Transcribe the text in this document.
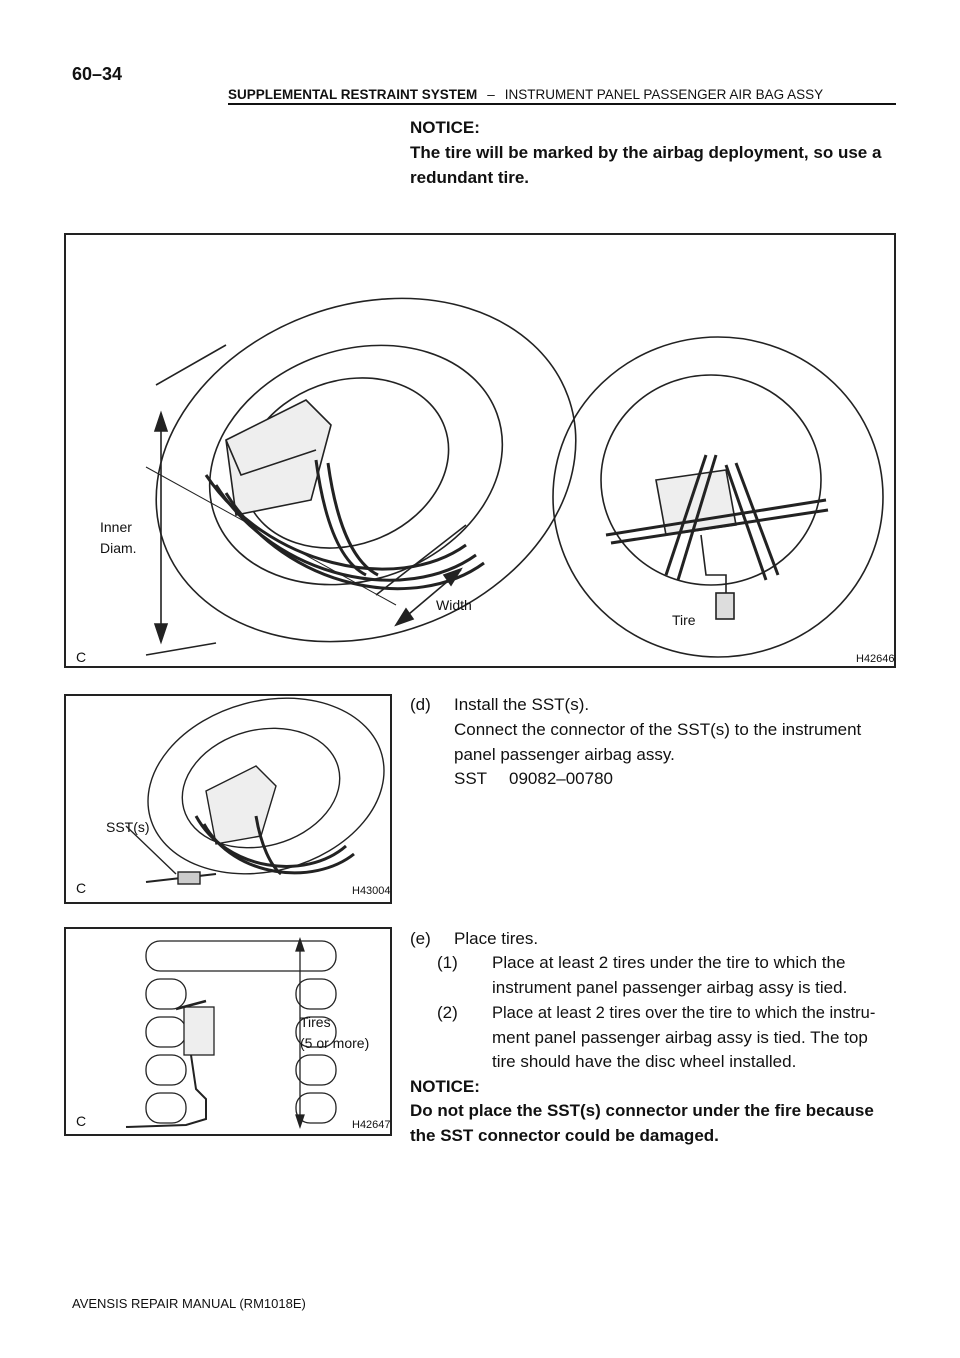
60–34
SUPPLEMENTAL RESTRAINT SYSTEM – INSTRUMENT PANEL PASSENGER AIR BAG ASSY
NOTICE:
The tire will be marked by the airbag deployment, so use a
redundant tire.
Inner
Diam.
Width
Tire
C	H42646
(d) Install the SST(s).
Connect the connector of the SST(s) to the instrument
panel passenger airbag assy.
SST 09082–00780
SST(s)
C	H43004
(e) Place tires.
(1) Place at least 2 tires under the tire to which the
instrument panel passenger airbag assy is tied.
(2) Place at least 2 tires over the tire to which the instru-
ment panel passenger airbag assy is tied. The top
tire should have the disc wheel installed.
Tires
(5 or more)
C	H42647
NOTICE:
Do not place the SST(s) connector under the fire because
the SST connector could be damaged.
AVENSIS REPAIR MANUAL (RM1018E)
